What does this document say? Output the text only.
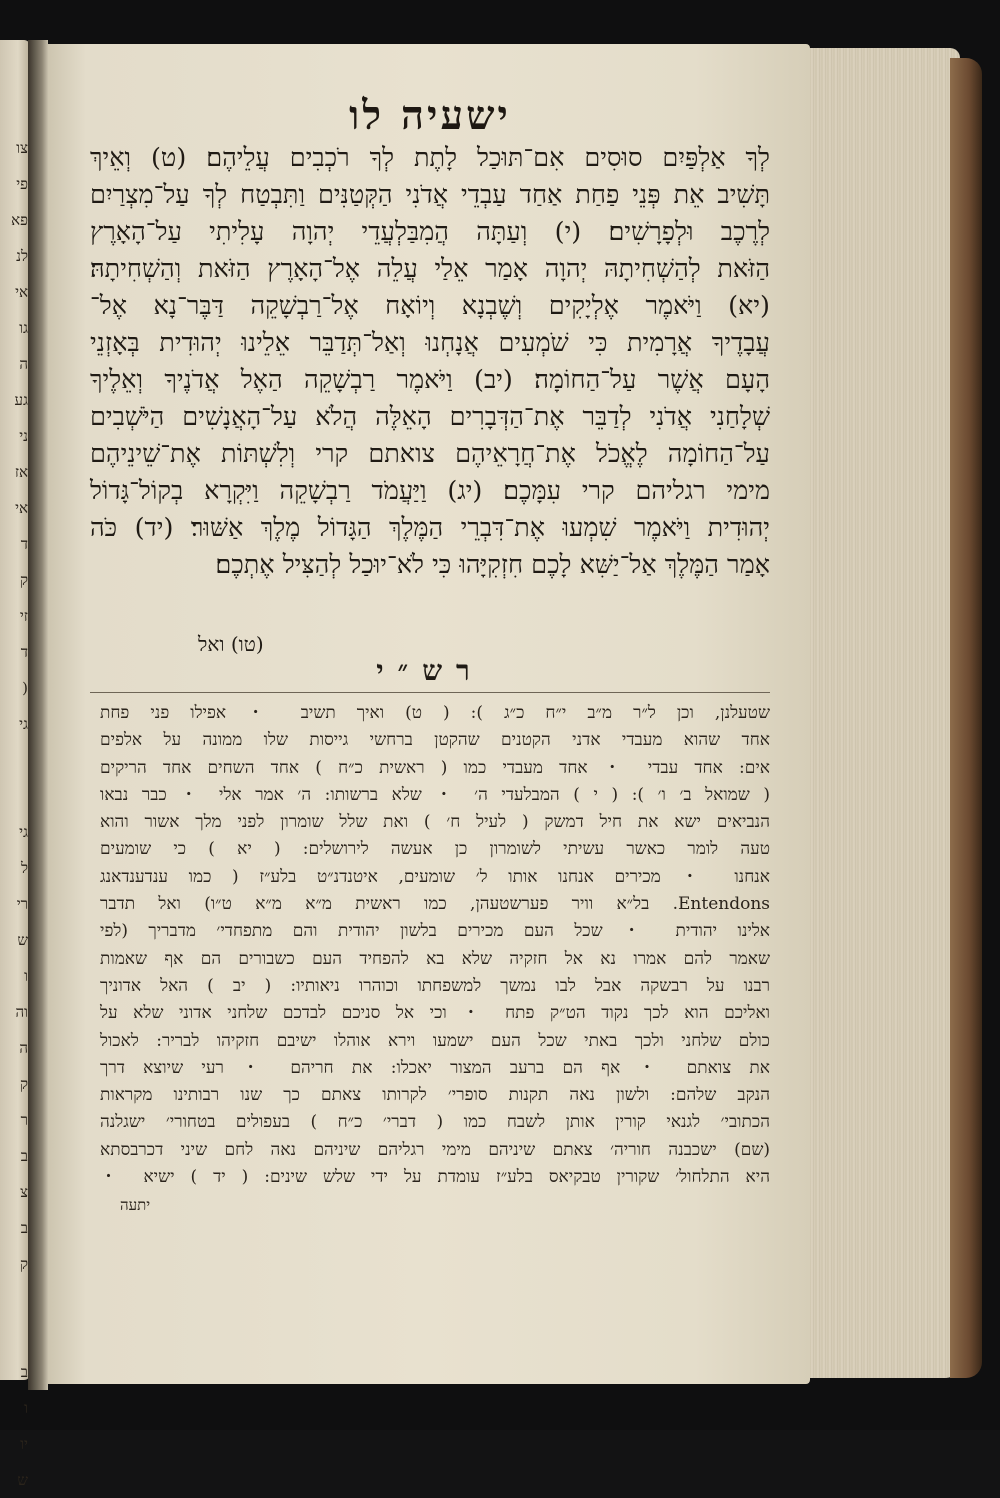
צו
פי
פא
לנ
אי
גו
ה
גע
ני
אז
אי
ד
ק
זי
ד
(
גי
גי
ל
רי
ש
ו
וה
ה
ק
ר
ב
צ
ב
ק
ב
ו
יו
ש
ישעיה לו
לְךָ אַלְפַּיִם סוּסִים אִם־תּוּכַל לָתֶת לְךָ רֹכְבִים עֲלֵיהֶם׃ (ט) וְאֵיךְ
תָּשִׁיב אֵת פְּנֵי פַחַת אַחַד עַבְדֵי אֲדֹנִי הַקְּטַנִּים וַתִּבְטַח לְךָ עַל־מִצְרַיִם
לְרֶכֶב וּלְפָרָשִׁים׃ (י) וְעַתָּה הֲמִבַּלְעֲדֵי יְהוָה עָלִיתִי עַל־הָאָרֶץ
הַזֹּאת לְהַשְׁחִיתָהּ יְהוָה אָמַר אֵלַי עֲלֵה אֶל־הָאָרֶץ הַזֹּאת וְהַשְׁחִיתָהּ׃
(יא) וַיֹּאמֶר אֶלְיָקִים וְשֶׁבְנָא וְיוֹאָח אֶל־רַבְשָׁקֵה דַּבֶּר־נָא אֶל־
עֲבָדֶיךָ אֲרָמִית כִּי שֹׁמְעִים אֲנָחְנוּ וְאַל־תְּדַבֵּר אֵלֵינוּ יְהוּדִית בְּאָזְנֵי
הָעָם אֲשֶׁר עַל־הַחוֹמָה׃ (יב) וַיֹּאמֶר רַבְשָׁקֵה הַאֶל אֲדֹנֶיךָ וְאֵלֶיךָ
שְׁלָחַנִי אֲדֹנִי לְדַבֵּר אֶת־הַדְּבָרִים הָאֵלֶּה הֲלֹא עַל־הָאֲנָשִׁים הַיֹּשְׁבִים
עַל־הַחוֹמָה לֶאֱכֹל אֶת־חֲרָאֵיהֶם צואתם קרי וְלִשְׁתּוֹת אֶת־שֵׁינֵיהֶם
מימי רגליהם קרי עִמָּכֶם׃ (יג) וַיַּעֲמֹד רַבְשָׁקֵה וַיִּקְרָא בְקוֹל־גָּדוֹל
יְהוּדִית וַיֹּאמֶר שִׁמְעוּ אֶת־דִּבְרֵי הַמֶּלֶךְ הַגָּדוֹל מֶלֶךְ אַשּׁוּר׃ (יד) כֹּה
אָמַר הַמֶּלֶךְ אַל־יַשִּׁא לָכֶם חִזְקִיָּהוּ כִּי לֹא־יוּכַל לְהַצִּיל אֶתְכֶם׃
(טו) ואל
רש״י
שטעלנן, וכן ל״ר מ״ב י״ח כ״ג ): ( ט) ואיך תשיב ・ אפילו פני פחת
אחד שהוא מעבדי אדני הקטנים שהקטן ברחשי גייסות שלו ממונה על אלפים
אים: אחד עבדי ・ אחד מעבדי כמו ( ראשית כ״ח ) אחד השחים אחד הריקים
( שמואל ב׳ ו׳ ): ( י ) המבלעדי ה׳ ・ שלא ברשותו: ה׳ אמר אלי ・ כבר נבאו
הנביאים ישא את חיל דמשק ( לעיל ח׳ ) ואת שלל שומרון לפני מלך אשור והוא
טעה לומר כאשר עשיתי לשומרון כן אעשה לירושלים: ( יא ) כי שומעים
אנחנו ・ מכירים אנחנו אותו ל׳ שומעים, איטנדנ״ט בלע״ז ( כמו ענדענדאנג
Entendons. בל״א וויר פערשטעהן, כמו ראשית מ״א מ״א ט״ו) ואל תדבר
אלינו יהודית ・ שכל העם מכירים בלשון יהודית והם מתפחדי׳ מדבריך (לפי
שאמר להם אמרו נא אל חזקיה שלא בא להפחיד העם כשבורים הם אף שאמות
רבנו על רבשקה אבל לבו נמשך למשפחתו וכוהרו ניאותיו: ( יב ) האל אדוניך
ואליכם הוא לכך נקוד הט״ק פתח ・ וכי אל סניכם לבדכם שלחני אדוני שלא על
כולם שלחני ולכך באתי שכל העם ישמעו וירא אוהלו ישיבם חזקיהו לבריר: לאכול
את צואתם ・ אף הם ברעב המצור יאכלו: את חריהם ・ רעי שיוצא דרך
הנקב שלהם: ולשון נאה תקנות סופרי׳ לקרותו צאתם כך שנו רבותינו מקראות
הכתובי׳ לגנאי קורין אותן לשבח כמו ( דברי׳ כ״ח ) בעפולים בטחורי׳ ישגלנה
(שם) ישכבנה חוריה׳ צאתם שיניהם מימי רגליהם שיניהם נאה לחם שיני דכרבסתא
היא התלחול׳ שקורין טבקיאס בלע״ז עומדת על ידי שלש שינים: ( יד ) ישיא ・
יתעה
